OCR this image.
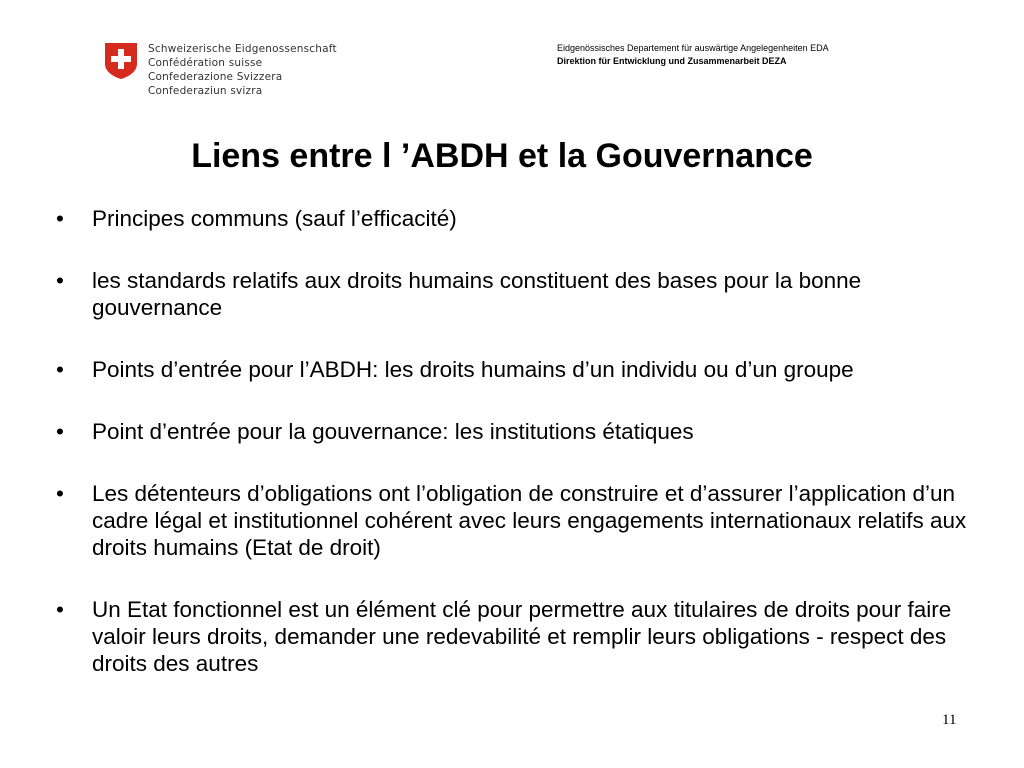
Schweizerische Eidgenossenschaft
Confédération suisse
Confederazione Svizzera
Confederaziun svizra
Eidgenössisches Departement für auswärtige Angelegenheiten EDA
Direktion für Entwicklung und Zusammenarbeit DEZA
Liens entre l ’ABDH et la Gouvernance
• Principes communs (sauf l’efficacité)
• les standards relatifs aux droits humains constituent des bases pour la bonne gouvernance
• Points d’entrée pour l’ABDH: les droits humains d’un individu ou d’un groupe
• Point d’entrée pour la gouvernance: les institutions étatiques
• Les détenteurs d’obligations ont l’obligation de construire et d’assurer l’application d’un cadre légal et institutionnel cohérent avec leurs engagements internationaux relatifs aux droits humains (Etat de droit)
• Un Etat fonctionnel est un élément clé pour permettre aux titulaires de droits pour faire valoir leurs droits, demander une redevabilité et remplir leurs obligations - respect des droits des autres
11
